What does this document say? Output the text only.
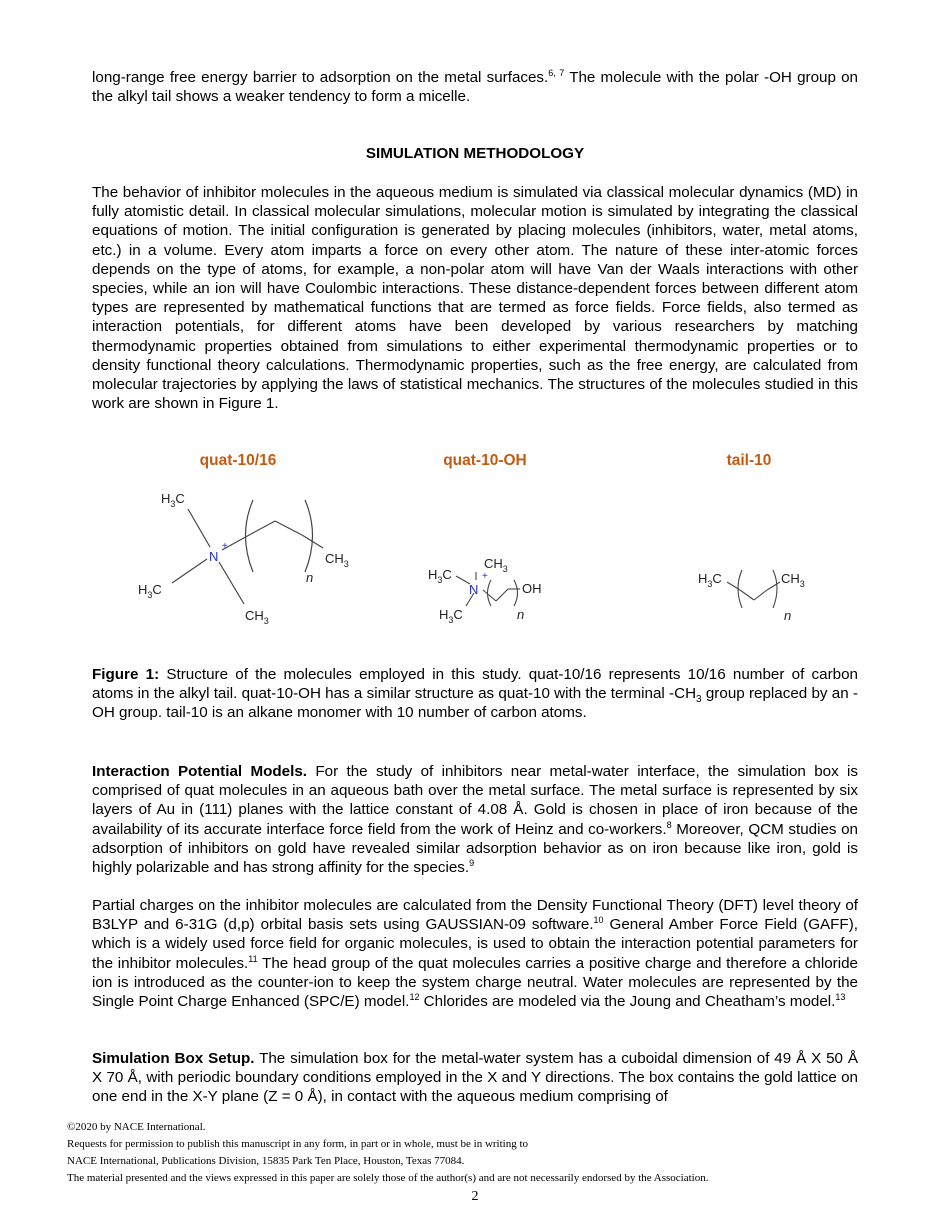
long-range free energy barrier to adsorption on the metal surfaces.$^{6, 7}$ The molecule with the polar -OH group on the alkyl tail shows a weaker tendency to form a micelle.

SIMULATION METHODOLOGY

The behavior of inhibitor molecules in the aqueous medium is simulated via classical molecular dynamics (MD) in fully atomistic detail. In classical molecular simulations, molecular motion is simulated by integrating the classical equations of motion. The initial configuration is generated by placing molecules (inhibitors, water, metal atoms, etc.) in a volume. Every atom imparts a force on every other atom. The nature of these inter-atomic forces depends on the type of atoms, for example, a non-polar atom will have Van der Waals interactions with other species, while an ion will have Coulombic interactions. These distance-dependent forces between different atom types are represented by mathematical functions that are termed as force fields. Force fields, also termed as interaction potentials, for different atoms have been developed by various researchers by matching thermodynamic properties obtained from simulations to either experimental thermodynamic properties or to density functional theory calculations. Thermodynamic properties, such as the free energy, are calculated from molecular trajectories by applying the laws of statistical mechanics. The structures of the molecules studied in this work are shown in Figure 1.

quat-10/16	quat-10-OH	tail-10
$H_3C$
$H_3C$
$CH_3$
$CH_3$
n
N
+
$CH_3$
$H_3C$
$H_3C$
OH
n
N
+	$H_3C$	$CH_3$
n

Figure 1: Structure of the molecules employed in this study. quat-10/16 represents 10/16 number of carbon atoms in the alkyl tail. quat-10-OH has a similar structure as quat-10 with the terminal $-CH_3$ group replaced by an -OH group. tail-10 is an alkane monomer with 10 number of carbon atoms.

Interaction Potential Models. For the study of inhibitors near metal-water interface, the simulation box is comprised of quat molecules in an aqueous bath over the metal surface. The metal surface is represented by six layers of Au in (111) planes with the lattice constant of 4.08 Å. Gold is chosen in place of iron because of the availability of its accurate interface force field from the work of Heinz and co-workers.$^8$ Moreover, QCM studies on adsorption of inhibitors on gold have revealed similar adsorption behavior as on iron because like iron, gold is highly polarizable and has strong affinity for the species.$^9$

Partial charges on the inhibitor molecules are calculated from the Density Functional Theory (DFT) level theory of B3LYP and 6-31G (d,p) orbital basis sets using GAUSSIAN-09 software.$^{10}$ General Amber Force Field (GAFF), which is a widely used force field for organic molecules, is used to obtain the interaction potential parameters for the inhibitor molecules.$^{11}$ The head group of the quat molecules carries a positive charge and therefore a chloride ion is introduced as the counter-ion to keep the system charge neutral. Water molecules are represented by the Single Point Charge Enhanced (SPC/E) model.$^{12}$ Chlorides are modeled via the Joung and Cheatham’s model.$^{13}$

Simulation Box Setup. The simulation box for the metal-water system has a cuboidal dimension of 49 Å X 50 Å X 70 Å, with periodic boundary conditions employed in the X and Y directions. The box contains the gold lattice on one end in the X-Y plane (Z = 0 Å), in contact with the aqueous medium comprising of

©2020 by NACE International.
Requests for permission to publish this manuscript in any form, in part or in whole, must be in writing to
NACE International, Publications Division, 15835 Park Ten Place, Houston, Texas 77084.
The material presented and the views expressed in this paper are solely those of the author(s) and are not necessarily endorsed by the Association.
2
